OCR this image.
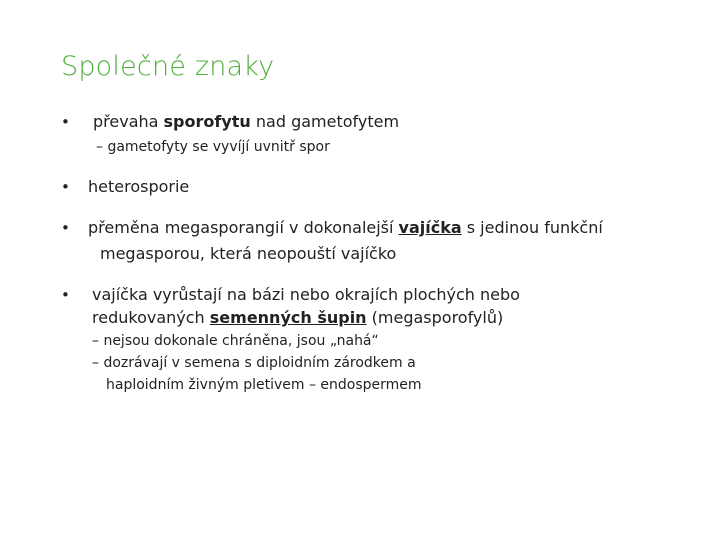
Společné znaky
• převaha sporofytu nad gametofytem
– gametofyty se vyvíjí uvnitř spor
• heterosporie
• přeměna megasporangií v dokonalejší vajíčka s jedinou funkční
megasporou, která neopouští vajíčko
• vajíčka vyrůstají na bázi nebo okrajích plochých nebo
redukovaných semenných šupin (megasporofylů)
– nejsou dokonale chráněna, jsou „nahá“
– dozrávají v semena s diploidním zárodkem a
haploidním živným pletivem – endospermem
